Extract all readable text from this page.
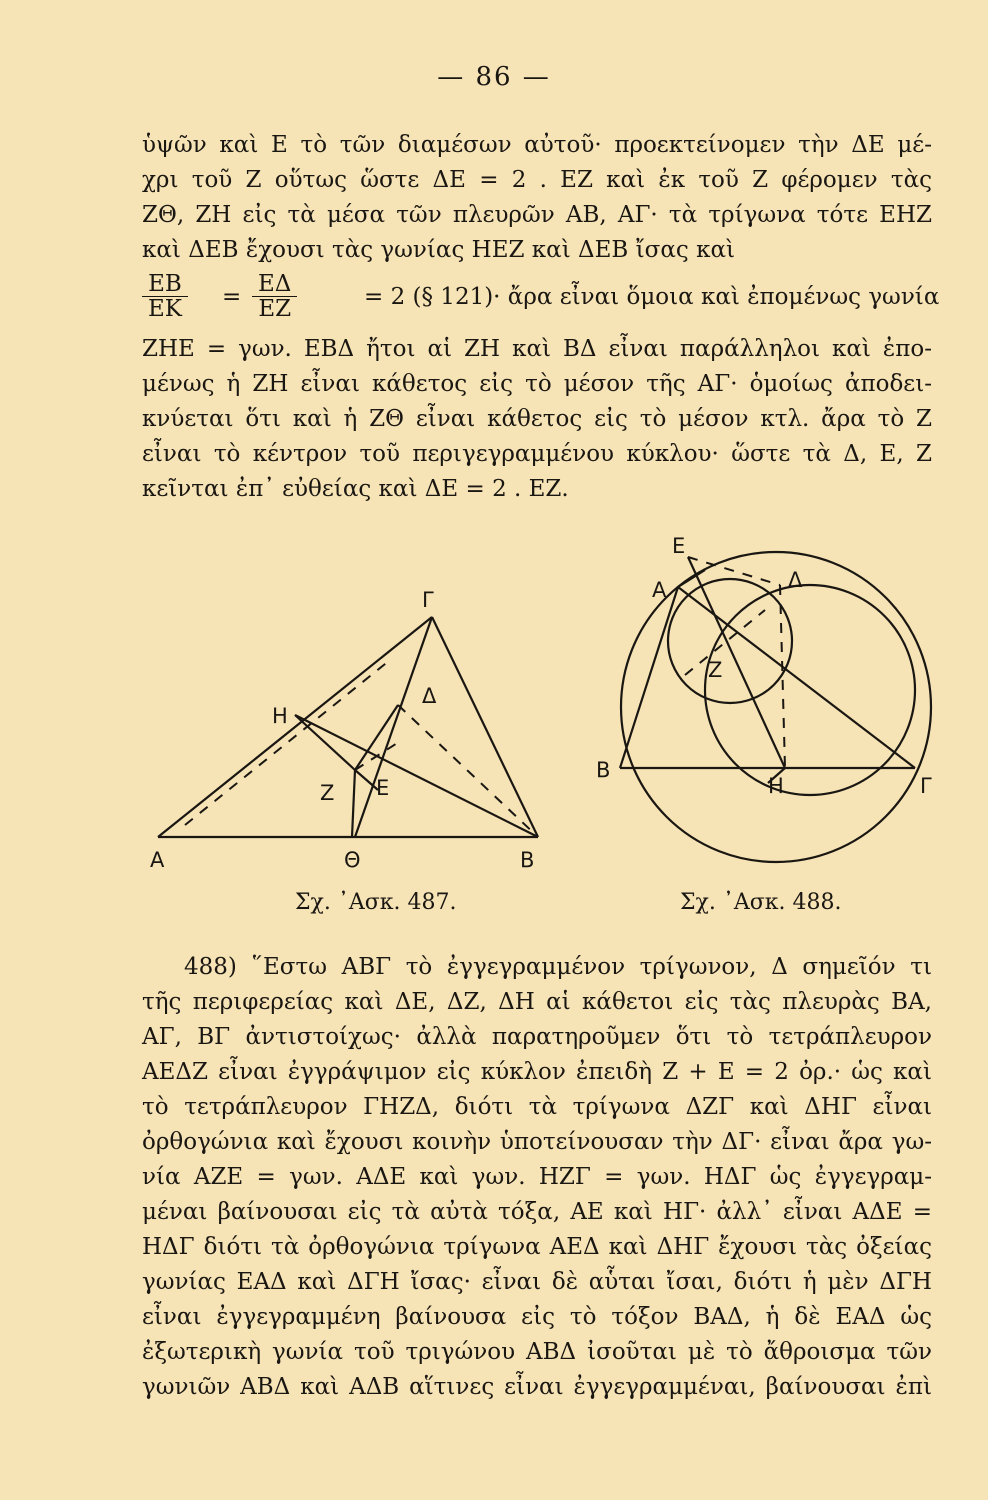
— 86 —
ὑψῶν καὶ Ε τὸ τῶν διαμέσων αὐτοῦ· προεκτείνομεν τὴν ΔΕ μέ-
χρι τοῦ Ζ οὕτως ὥστε ΔΕ = 2 . ΕΖ καὶ ἐκ τοῦ Ζ φέρομεν τὰς
ΖΘ, ΖΗ εἰς τὰ μέσα τῶν πλευρῶν ΑΒ, ΑΓ· τὰ τρίγωνα τότε ΕΗΖ
καὶ ΔΕΒ ἔχουσι τὰς γωνίας ΗΕΖ καὶ ΔΕΒ ἴσας καὶ
$\frac{EB}{EK} = \frac{E\Delta}{EZ}$	= 2 (§ 121)· ἄρα εἶναι ὅμοια καὶ ἐπομένως γωνία
ΖΗΕ = γων. ΕΒΔ ἤτοι αἱ ΖΗ καὶ ΒΔ εἶναι παράλληλοι καὶ ἐπο-
μένως ἡ ΖΗ εἶναι κάθετος εἰς τὸ μέσον τῆς ΑΓ· ὁμοίως ἀποδει-
κνύεται ὅτι καὶ ἡ ΖΘ εἶναι κάθετος εἰς τὸ μέσον κτλ. ἄρα τὸ Ζ
εἶναι τὸ κέντρον τοῦ περιγεγραμμένου κύκλου· ὥστε τὰ Δ, Ε, Ζ
κεῖνται ἐπ᾽ εὐθείας καὶ ΔΕ = 2 . ΕΖ.
Γ
Η
Δ
Ζ Ε
Α	Θ	Β
Σχ. ᾽Ασκ. 487.
Ε
Α	Δ
Ζ
Β
Η	Γ
Σχ. ᾽Ασκ. 488.
488) ῞Εστω ΑΒΓ τὸ ἐγγεγραμμένον τρίγωνον, Δ σημεῖόν τι
τῆς περιφερείας καὶ ΔΕ, ΔΖ, ΔΗ αἱ κάθετοι εἰς τὰς πλευρὰς ΒΑ,
ΑΓ, ΒΓ ἀντιστοίχως· ἀλλὰ παρατηροῦμεν ὅτι τὸ τετράπλευρον
ΑΕΔΖ εἶναι ἐγγράψιμον εἰς κύκλον ἐπειδὴ Ζ + Ε = 2 ὀρ.· ὡς καὶ
τὸ τετράπλευρον ΓΗΖΔ, διότι τὰ τρίγωνα ΔΖΓ καὶ ΔΗΓ εἶναι
ὀρθογώνια καὶ ἔχουσι κοινὴν ὑποτείνουσαν τὴν ΔΓ· εἶναι ἄρα γω-
νία ΑΖΕ = γων. ΑΔΕ καὶ γων. ΗΖΓ = γων. ΗΔΓ ὡς ἐγγεγραμ-
μέναι βαίνουσαι εἰς τὰ αὐτὰ τόξα, ΑΕ καὶ ΗΓ· ἀλλ᾽ εἶναι ΑΔΕ =
ΗΔΓ διότι τὰ ὀρθογώνια τρίγωνα ΑΕΔ καὶ ΔΗΓ ἔχουσι τὰς ὀξείας
γωνίας ΕΑΔ καὶ ΔΓΗ ἴσας· εἶναι δὲ αὗται ἴσαι, διότι ἡ μὲν ΔΓΗ
εἶναι ἐγγεγραμμένη βαίνουσα εἰς τὸ τόξον ΒΑΔ, ἡ δὲ ΕΑΔ ὡς
ἐξωτερικὴ γωνία τοῦ τριγώνου ΑΒΔ ἰσοῦται μὲ τὸ ἄθροισμα τῶν
γωνιῶν ΑΒΔ καὶ ΑΔΒ αἵτινες εἶναι ἐγγεγραμμέναι, βαίνουσαι ἐπὶ
